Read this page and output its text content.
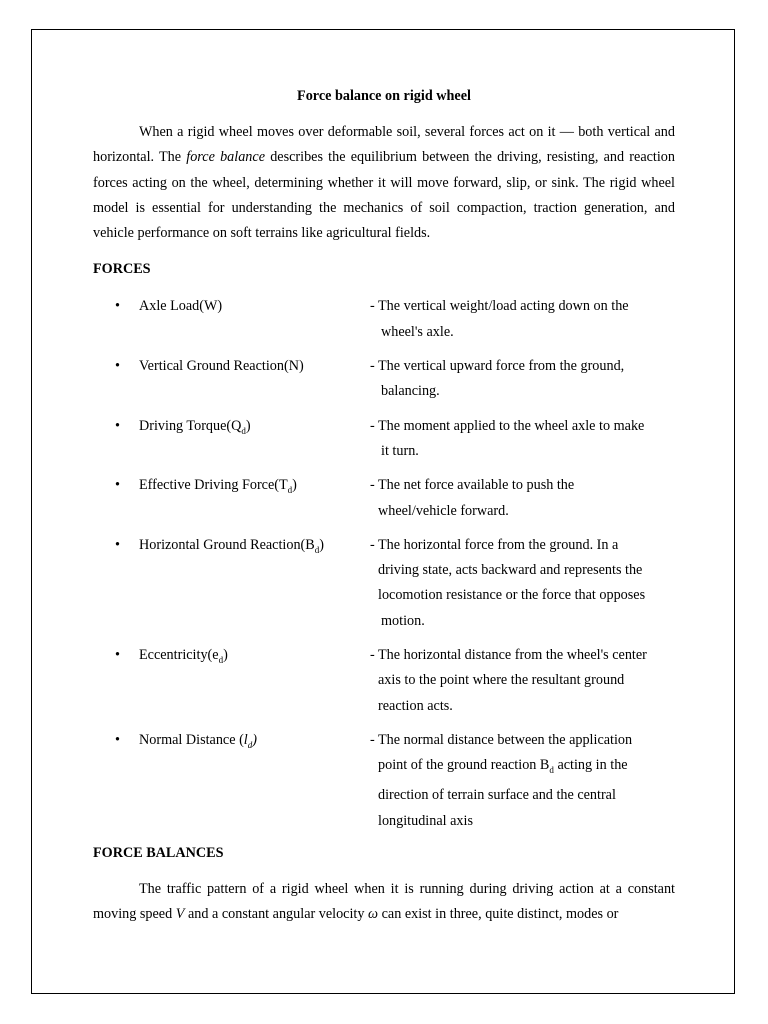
Force balance on rigid wheel

When a rigid wheel moves over deformable soil, several forces act on it — both vertical and horizontal. The force balance describes the equilibrium between the driving, resisting, and reaction forces acting on the wheel, determining whether it will move forward, slip, or sink. The rigid wheel model is essential for understanding the mechanics of soil compaction, traction generation, and vehicle performance on soft terrains like agricultural fields.

FORCES

•	Axle Load(W)	- The vertical weight/load acting down on the
wheel's axle.
•	Vertical Ground Reaction(N)	- The vertical upward force from the ground,
balancing.
•	Driving $Torque(Q_d)$	- The moment applied to the wheel axle to make
it turn.
•	Effective Driving $Force(T_d)$	- The net force available to push the
wheel/vehicle forward.
•	Horizontal Ground $Reaction(B_d)$	- The horizontal force from the ground. In a
driving state, acts backward and represents the
locomotion resistance or the force that opposes
motion.
•	$Eccentricity(e_d)$	- The horizontal distance from the wheel's center
axis to the point where the resultant ground
reaction acts.
•	Normal Distance $(l_d)$	- The normal distance between the application
point of the ground reaction $B_d$ acting in the
direction of terrain surface and the central
longitudinal axis

FORCE BALANCES

The traffic pattern of a rigid wheel when it is running during driving action at a constant moving speed V and a constant angular velocity ω can exist in three, quite distinct, modes or
